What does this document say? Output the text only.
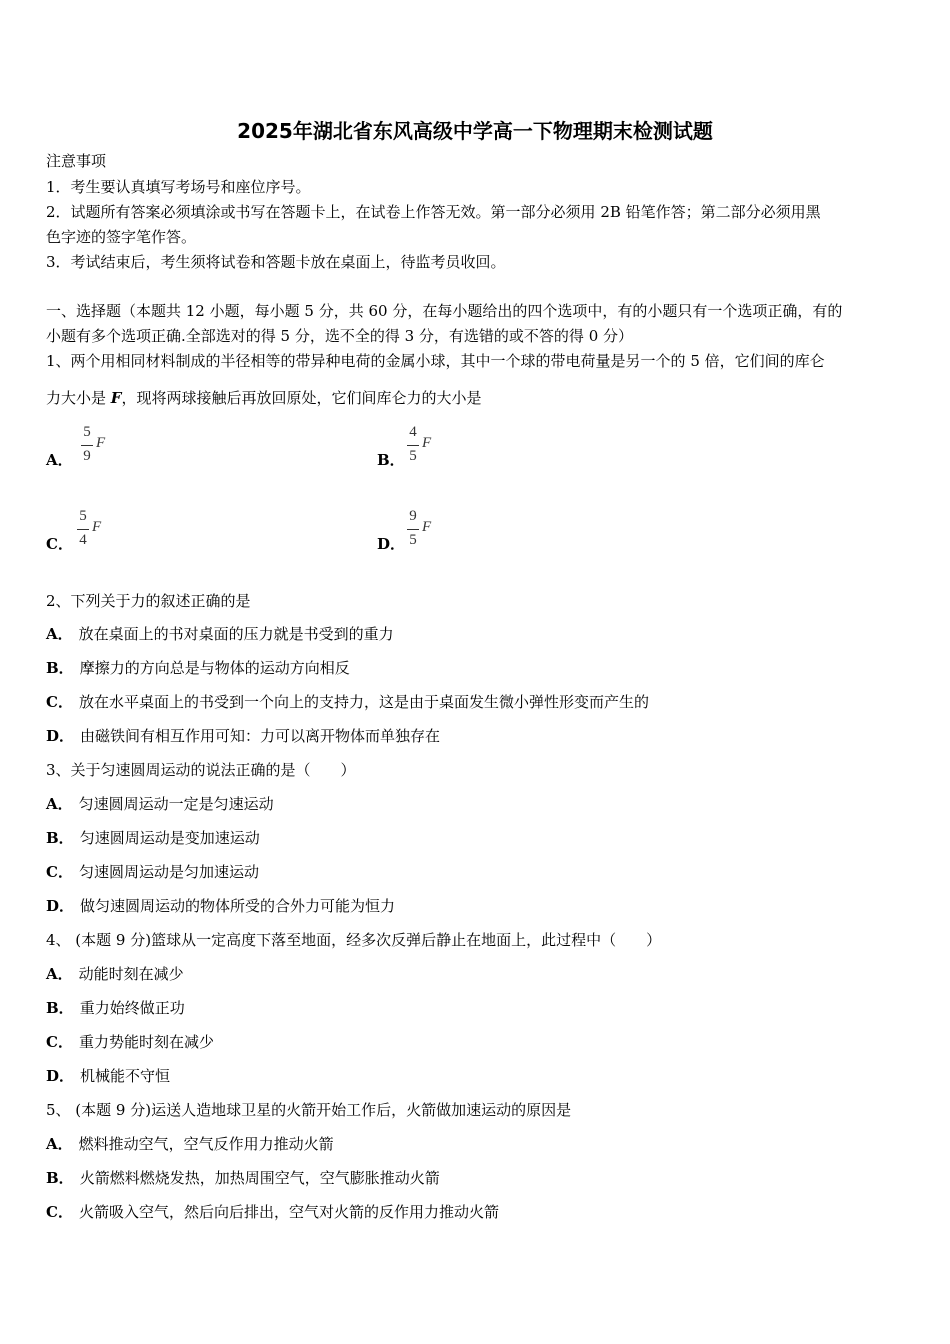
2025年湖北省东风高级中学高一下物理期末检测试题
注意事项
1．考生要认真填写考场号和座位序号。
2．试题所有答案必须填涂或书写在答题卡上，在试卷上作答无效。第一部分必须用 2B 铅笔作答；第二部分必须用黑
色字迹的签字笔作答。
3．考试结束后，考生须将试卷和答题卡放在桌面上，待监考员收回。
一、选择题（本题共 12 小题，每小题 5 分，共 60 分，在每小题给出的四个选项中，有的小题只有一个选项正确，有的
小题有多个选项正确.全部选对的得 5 分，选不全的得 3 分，有选错的或不答的得 0 分）
1、两个用相同材料制成的半径相等的带异种电荷的金属小球，其中一个球的带电荷量是另一个的 5 倍，它们间的库仑
力大小是 F，现将两球接触后再放回原处，它们间库仑力的大小是
A．
5
9
F
B．
4
5
F
C．
5
4
F
D．
9
5
F
2、下列关于力的叙述正确的是
A． 放在桌面上的书对桌面的压力就是书受到的重力
B． 摩擦力的方向总是与物体的运动方向相反
C． 放在水平桌面上的书受到一个向上的支持力，这是由于桌面发生微小弹性形变而产生的
D． 由磁铁间有相互作用可知：力可以离开物体而单独存在
3、关于匀速圆周运动的说法正确的是（　　）
A． 匀速圆周运动一定是匀速运动
B． 匀速圆周运动是变加速运动
C． 匀速圆周运动是匀加速运动
D． 做匀速圆周运动的物体所受的合外力可能为恒力
4、 (本题 9 分)篮球从一定高度下落至地面，经多次反弹后静止在地面上，此过程中（　　）
A． 动能时刻在减少
B． 重力始终做正功
C． 重力势能时刻在减少
D． 机械能不守恒
5、 (本题 9 分)运送人造地球卫星的火箭开始工作后，火箭做加速运动的原因是
A． 燃料推动空气，空气反作用力推动火箭
B． 火箭燃料燃烧发热，加热周围空气，空气膨胀推动火箭
C． 火箭吸入空气，然后向后排出，空气对火箭的反作用力推动火箭
